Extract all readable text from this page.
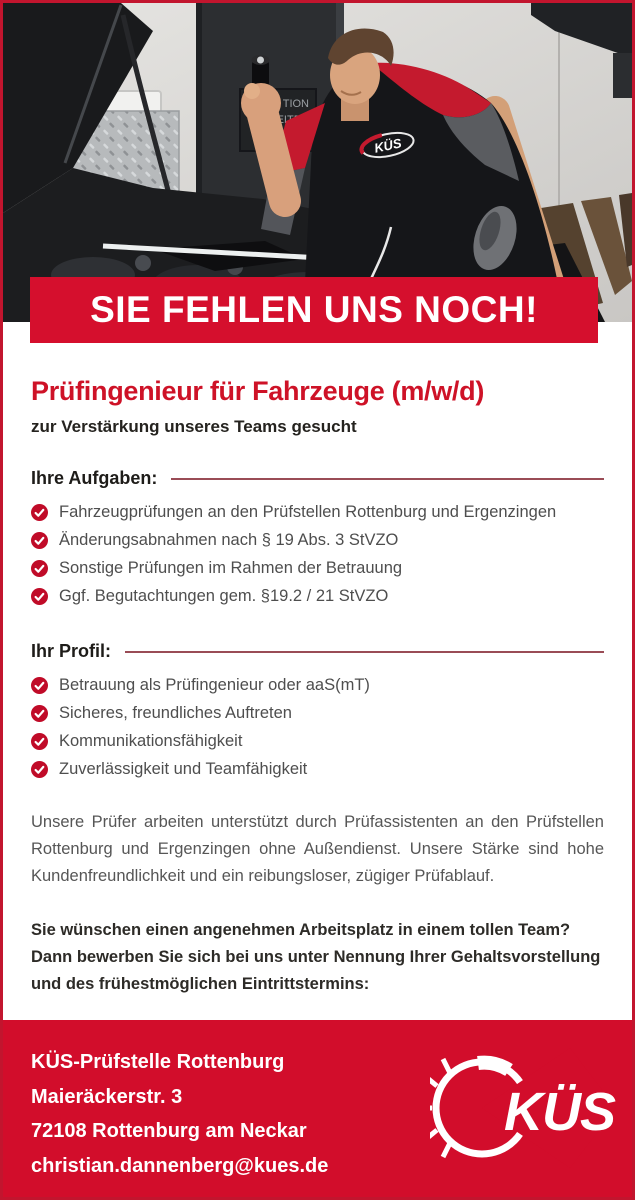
TION
KÜS
SIE FEHLEN UNS NOCH!
Prüfingenieur für Fahrzeuge (m/w/d)
zur Verstärkung unseres Teams gesucht
Ihre Aufgaben:
Fahrzeugprüfungen an den Prüfstellen Rottenburg und Ergenzingen
Änderungsabnahmen nach § 19 Abs. 3 StVZO
Sonstige Prüfungen im Rahmen der Betrauung
Ggf. Begutachtungen gem. §19.2 / 21 StVZO
Ihr Profil:
Betrauung als Prüfingenieur oder aaS(mT)
Sicheres, freundliches Auftreten
Kommunikationsfähigkeit
Zuverlässigkeit und Teamfähigkeit

Unsere Prüfer arbeiten unterstützt durch Prüfassistenten an den Prüfstellen Rottenburg und Ergenzingen ohne Außendienst. Unsere Stärke sind hohe Kundenfreundlichkeit und ein reibungsloser, zügiger Prüfablauf.

Sie wünschen einen angenehmen Arbeitsplatz in einem tollen Team? Dann bewerben Sie sich bei uns unter Nennung Ihrer Gehaltsvorstellung und des frühestmöglichen Eintrittstermins:

KÜS-Prüfstelle Rottenburg
Maieräckerstr. 3
72108 Rottenburg am Neckar
christian.dannenberg@kues.de
KÜS
